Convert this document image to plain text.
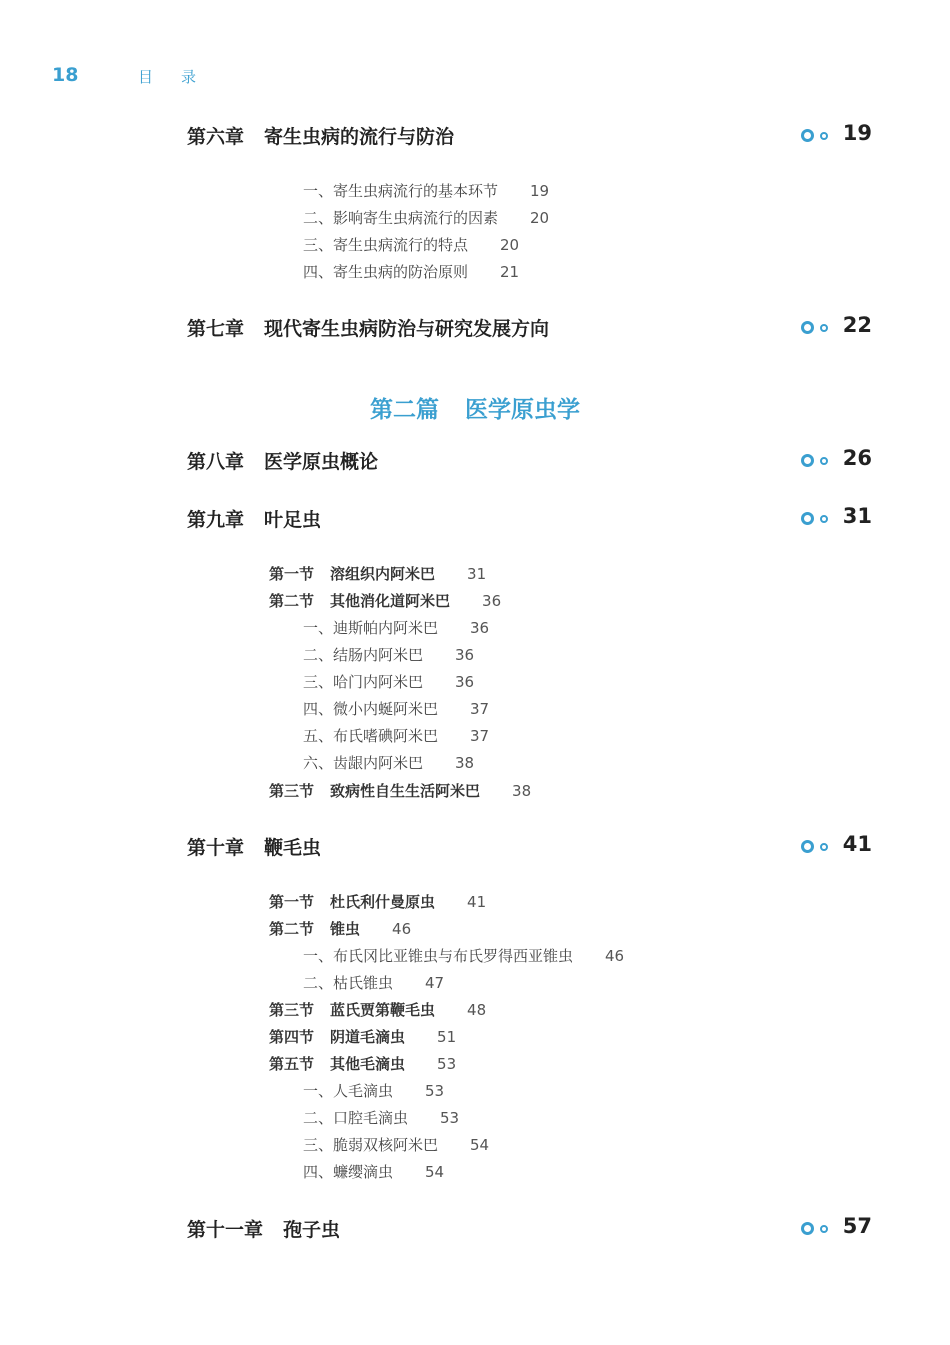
18	目录
第六章 寄生虫病的流行与防治	19
一、寄生虫病流行的基本环节 19
二、影响寄生虫病流行的因素 20
三、寄生虫病流行的特点 20
四、寄生虫病的防治原则 21
第七章 现代寄生虫病防治与研究发展方向	22
第二篇 医学原虫学
第八章 医学原虫概论	26
第九章 叶足虫	31
第一节 溶组织内阿米巴 31
第二节 其他消化道阿米巴 36
一、迪斯帕内阿米巴 36
二、结肠内阿米巴 36
三、哈门内阿米巴 36
四、微小内蜒阿米巴 37
五、布氏嗜碘阿米巴 37
六、齿龈内阿米巴 38
第三节 致病性自生生活阿米巴 38
第十章 鞭毛虫	41
第一节 杜氏利什曼原虫 41
第二节 锥虫 46
一、布氏冈比亚锥虫与布氏罗得西亚锥虫 46
二、枯氏锥虫 47
第三节 蓝氏贾第鞭毛虫 48
第四节 阴道毛滴虫 51
第五节 其他毛滴虫 53
一、人毛滴虫 53
二、口腔毛滴虫 53
三、脆弱双核阿米巴 54
四、蠊缨滴虫 54
第十一章 孢子虫	57
